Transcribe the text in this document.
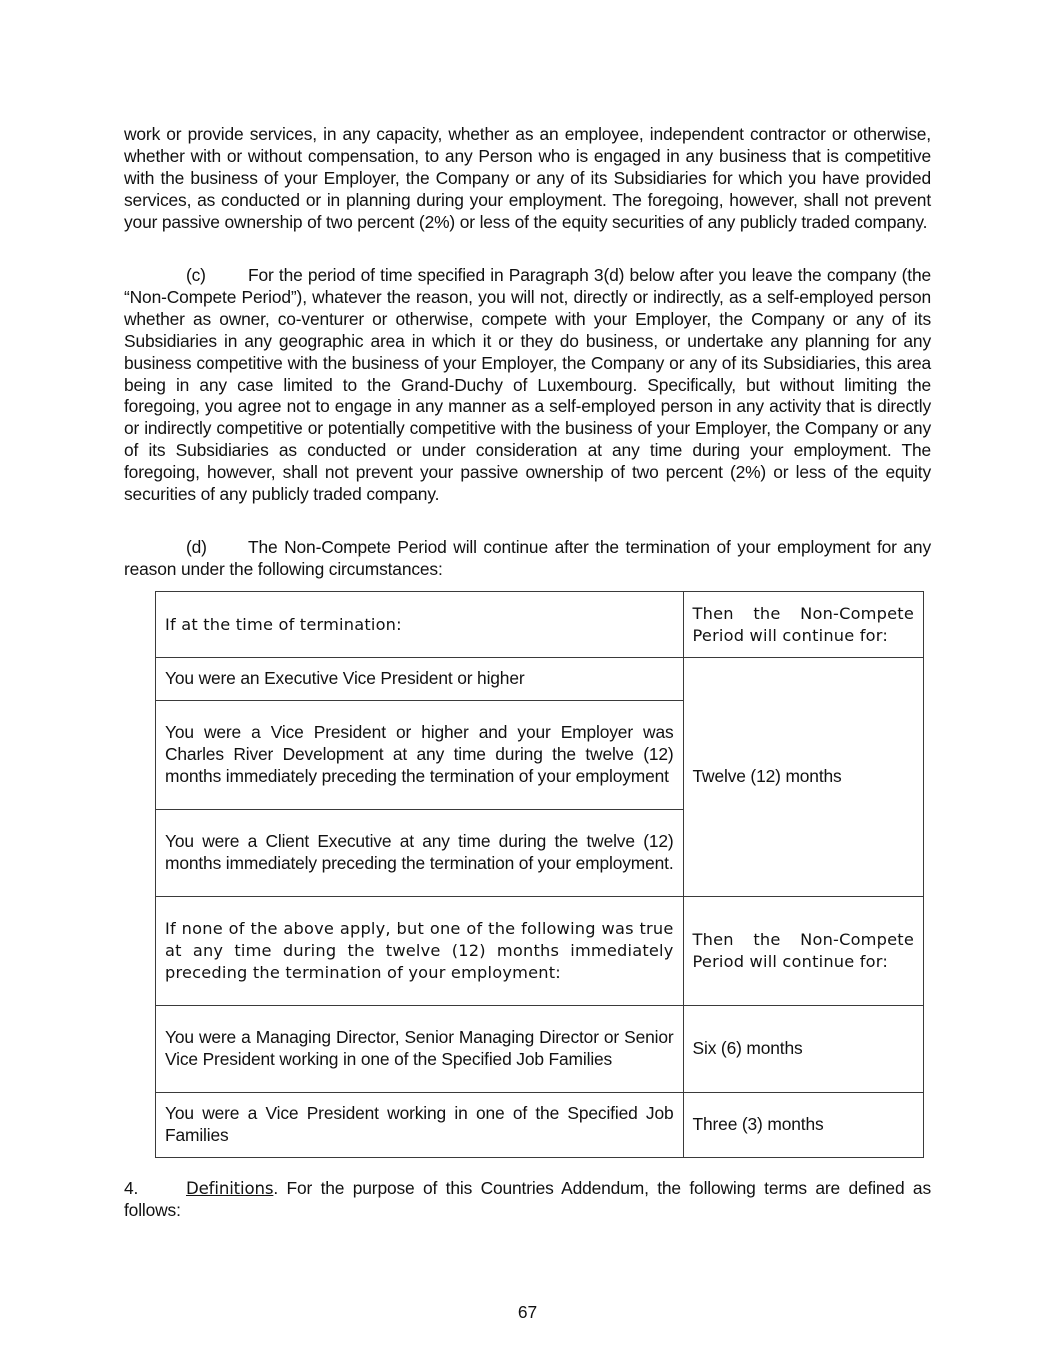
work or provide services, in any capacity, whether as an employee, independent contractor or otherwise, whether with or without compensation, to any Person who is engaged in any business that is competitive with the business of your Employer, the Company or any of its Subsidiaries for which you have provided services, as conducted or in planning during your employment. The foregoing, however, shall not prevent your passive ownership of two percent (2%) or less of the equity securities of any publicly traded company.

(c) For the period of time specified in Paragraph 3(d) below after you leave the company (the “Non-Compete Period”), whatever the reason, you will not, directly or indirectly, as a self-employed person whether as owner, co-venturer or otherwise, compete with your Employer, the Company or any of its Subsidiaries in any geographic area in which it or they do business, or undertake any planning for any business competitive with the business of your Employer, the Company or any of its Subsidiaries, this area being in any case limited to the Grand-Duchy of Luxembourg. Specifically, but without limiting the foregoing, you agree not to engage in any manner as a self-employed person in any activity that is directly or indirectly competitive or potentially competitive with the business of your Employer, the Company or any of its Subsidiaries as conducted or under consideration at any time during your employment. The foregoing, however, shall not prevent your passive ownership of two percent (2%) or less of the equity securities of any publicly traded company.

(d) The Non-Compete Period will continue after the termination of your employment for any reason under the following circumstances:

If at the time of termination:	Then the Non-Compete Period will continue for:

You were an Executive Vice President or higher	Twelve (12) months
You were a Vice President or higher and your Employer was Charles River Development at any time during the twelve (12) months immediately preceding the termination of your employment	
You were a Client Executive at any time during the twelve (12) months immediately preceding the termination of your employment.	
If none of the above apply, but one of the following was true at any time during the twelve (12) months immediately preceding the termination of your employment:	Then the Non-Compete Period will continue for:

You were a Managing Director, Senior Managing Director or Senior Vice President working in one of the Specified Job Families	Six (6) months
You were a Vice President working in one of the Specified Job Families	Three (3) months

4.	Definitions. For the purpose of this Countries Addendum, the following terms are defined as follows:

67
